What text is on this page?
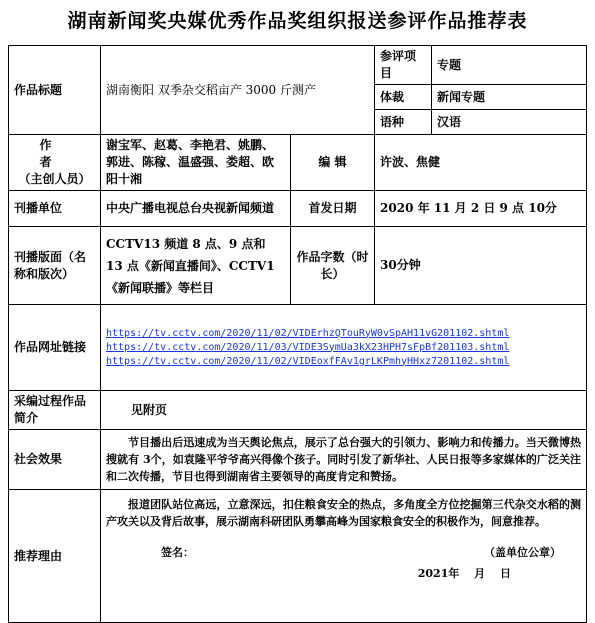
湖南新闻奖央媒优秀作品奖组织报送参评作品推荐表
作品标题	湖南衡阳 双季杂交稻亩产 3000 斤测产		参评项目	专题
			体裁	新闻专题
			语种	汉语

作 者
（主创人员）	谢宝军、赵葛、李艳君、姚鹏、郭进、陈稼、温盛强、娄超、欧阳十湘	编 辑	许波、焦健	
刊播单位	中央广播电视总台央视新闻频道	首发日期	2020 年 11 月 2 日 9 点 10分	
刊播版面（名称和版次）	CCTV13 频道 8 点、9 点和 13 点《新闻直播间》、CCTV1《新闻联播》等栏目	作品字数（时长）	30分钟	
作品网址链接	https://tv.cctv.com/2020/11/02/VIDErhzQTouRyW0vSpAH11vG201102.shtml
https://tv.cctv.com/2020/11/03/VIDE3SymUa3kX23HPH7sFpBf201103.shtml
https://tv.cctv.com/2020/11/02/VIDEoxfFAv1grLKPmhyHHxz7201102.shtml			

采编过程作品简介	见附页			
社会效果	节目播出后迅速成为当天舆论焦点，展示了总台强大的引领力、影响力和传播力。当天微博热搜就有 3个，如袁隆平爷爷高兴得像个孩子。同时引发了新华社、人民日报等多家媒体的广泛关注和二次传播，节目也得到湖南省主要领导的高度肯定和赞扬。			
推荐理由	报道团队站位高远，立意深远，扣住粮食安全的热点，多角度全方位挖掘第三代杂交水稻的测产攻关以及背后故事，展示湖南科研团队勇攀高峰为国家粮食安全的积极作为，间意推荐。
签名： （盖单位公章）
2021年　 月　 日			
